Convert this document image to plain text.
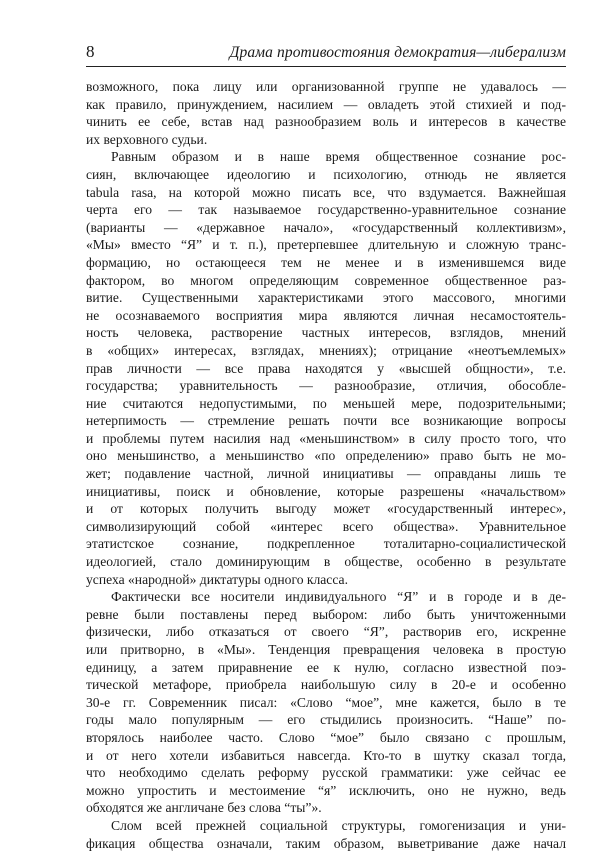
8	Драма противостояния демократия—либерализм
возможного, пока лицу или организованной группе не удавалось —
как правило, принуждением, насилием — овладеть этой стихией и под-
чинить ее себе, встав над разнообразием воль и интересов в качестве
их верховного судьи.
Равным образом и в наше время общественное сознание рос-
сиян, включающее идеологию и психологию, отнюдь не является
tabula rasa, на которой можно писать все, что вздумается. Важнейшая
черта его — так называемое государственно-уравнительное сознание
(варианты — «державное начало», «государственный коллективизм»,
«Мы» вместо “Я” и т. п.), претерпевшее длительную и сложную транс-
формацию, но остающееся тем не менее и в изменившемся виде
фактором, во многом определяющим современное общественное раз-
витие. Существенными характеристиками этого массового, многими
не осознаваемого восприятия мира являются личная несамостоятель-
ность человека, растворение частных интересов, взглядов, мнений
в «общих» интересах, взглядах, мнениях); отрицание «неотъемлемых»
прав личности — все права находятся у «высшей общности», т.е.
государства; уравнительность — разнообразие, отличия, обособле-
ние считаются недопустимыми, по меньшей мере, подозрительными;
нетерпимость — стремление решать почти все возникающие вопросы
и проблемы путем насилия над «меньшинством» в силу просто того, что
оно меньшинство, а меньшинство «по определению» право быть не мо-
жет; подавление частной, личной инициативы — оправданы лишь те
инициативы, поиск и обновление, которые разрешены «начальством»
и от которых получить выгоду может «государственный интерес»,
символизирующий собой «интерес всего общества». Уравнительное
этатистское сознание, подкрепленное тоталитарно-социалистической
идеологией, стало доминирующим в обществе, особенно в результате
успеха «народной» диктатуры одного класса.
Фактически все носители индивидуального “Я” и в городе и в де-
ревне были поставлены перед выбором: либо быть уничтоженными
физически, либо отказаться от своего “Я”, растворив его, искренне
или притворно, в «Мы». Тенденция превращения человека в простую
единицу, а затем приравнение ее к нулю, согласно известной поэ-
тической метафоре, приобрела наибольшую силу в 20-е и особенно
30-е гг. Современник писал: «Слово “мое”, мне кажется, было в те
годы мало популярным — его стыдились произносить. “Наше” по-
вторялось наиболее часто. Слово “мое” было связано с прошлым,
и от него хотели избавиться навсегда. Кто-то в шутку сказал тогда,
что необходимо сделать реформу русской грамматики: уже сейчас ее
можно упростить и местоимение “я” исключить, оно не нужно, ведь
обходятся же англичане без слова “ты”».
Слом всей прежней социальной структуры, гомогенизация и уни-
фикация общества означали, таким образом, выветривание даже начал
